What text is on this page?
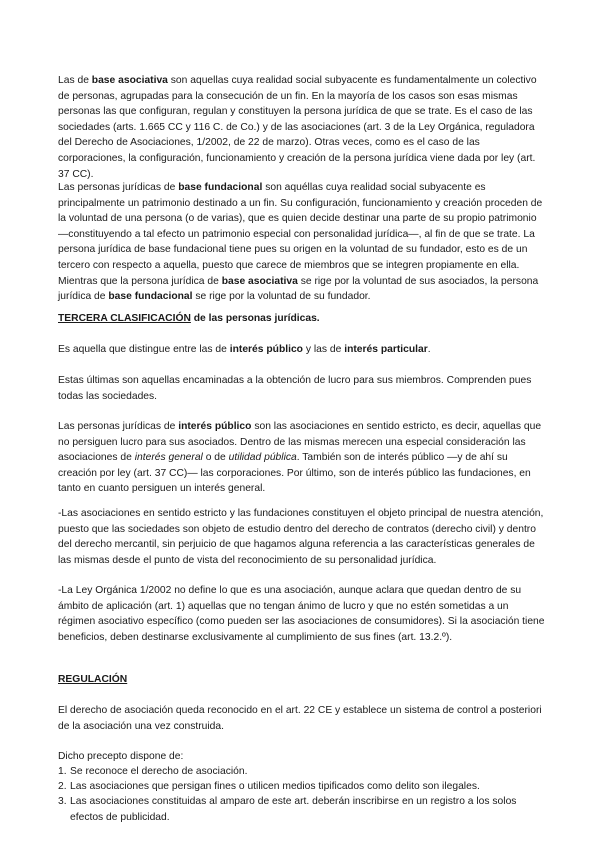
Las de base asociativa son aquellas cuya realidad social subyacente es fundamentalmente un colectivo de personas, agrupadas para la consecución de un fin. En la mayoría de los casos son esas mismas personas las que configuran, regulan y constituyen la persona jurídica de que se trate. Es el caso de las sociedades (arts. 1.665 CC y 116 C. de Co.) y de las asociaciones (art. 3 de la Ley Orgánica, reguladora del Derecho de Asociaciones, 1/2002, de 22 de marzo). Otras veces, como es el caso de las corporaciones, la configuración, funcionamiento y creación de la persona jurídica viene dada por ley (art. 37 CC).

Las personas jurídicas de base fundacional son aquéllas cuya realidad social subyacente es principalmente un patrimonio destinado a un fin. Su configuración, funcionamiento y creación proceden de la voluntad de una persona (o de varias), que es quien decide destinar una parte de su propio patrimonio —constituyendo a tal efecto un patrimonio especial con personalidad jurídica—, al fin de que se trate. La persona jurídica de base fundacional tiene pues su origen en la voluntad de su fundador, esto es de un tercero con respecto a aquella, puesto que carece de miembros que se integren propiamente en ella. Mientras que la persona jurídica de base asociativa se rige por la voluntad de sus asociados, la persona jurídica de base fundacional se rige por la voluntad de su fundador.

TERCERA CLASIFICACIÓN de las personas jurídicas.

Es aquella que distingue entre las de interés público y las de interés particular.

Estas últimas son aquellas encaminadas a la obtención de lucro para sus miembros. Comprenden pues todas las sociedades.

Las personas jurídicas de interés público son las asociaciones en sentido estricto, es decir, aquellas que no persiguen lucro para sus asociados. Dentro de las mismas merecen una especial consideración las asociaciones de interés general o de utilidad pública. También son de interés público —y de ahí su creación por ley (art. 37 CC)— las corporaciones. Por último, son de interés público las fundaciones, en tanto en cuanto persiguen un interés general.

-Las asociaciones en sentido estricto y las fundaciones constituyen el objeto principal de nuestra atención, puesto que las sociedades son objeto de estudio dentro del derecho de contratos (derecho civil) y dentro del derecho mercantil, sin perjuicio de que hagamos alguna referencia a las características generales de las mismas desde el punto de vista del reconocimiento de su personalidad jurídica.

-La Ley Orgánica 1/2002 no define lo que es una asociación, aunque aclara que quedan dentro de su ámbito de aplicación (art. 1) aquellas que no tengan ánimo de lucro y que no estén sometidas a un régimen asociativo específico (como pueden ser las asociaciones de consumidores). Si la asociación tiene beneficios, deben destinarse exclusivamente al cumplimiento de sus fines (art. 13.2.º).

REGULACIÓN

El derecho de asociación queda reconocido en el art. 22 CE y establece un sistema de control a posteriori de la asociación una vez construida.

Dicho precepto dispone de:

1. Se reconoce el derecho de asociación.

2. Las asociaciones que persigan fines o utilicen medios tipificados como delito son ilegales.

3. Las asociaciones constituidas al amparo de este art. deberán inscribirse en un registro a los solos
efectos de publicidad.
